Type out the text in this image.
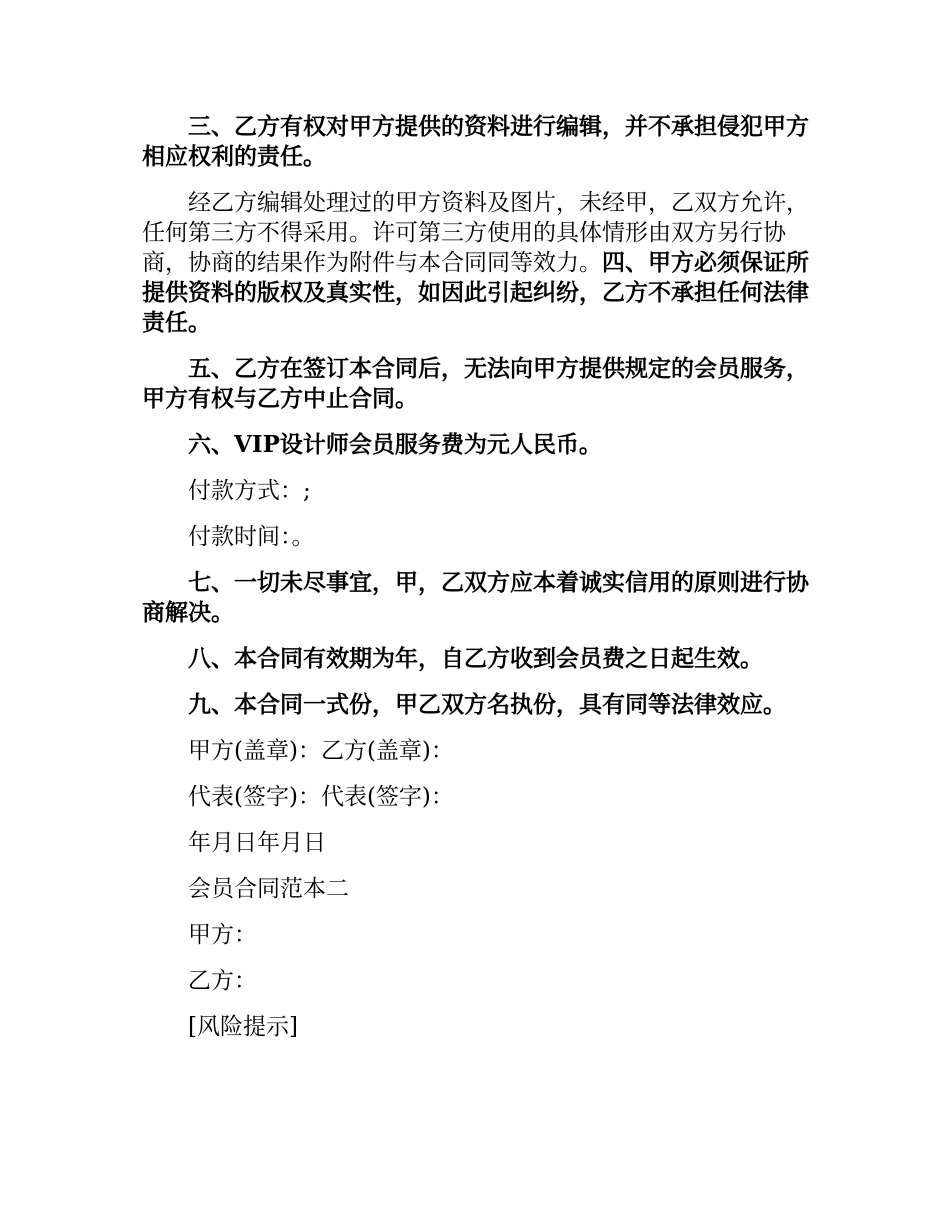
三、乙方有权对甲方提供的资料进行编辑，并不承担侵犯甲方相应权利的责任。

经乙方编辑处理过的甲方资料及图片，未经甲，乙双方允许，任何第三方不得采用。许可第三方使用的具体情形由双方另行协商，协商的结果作为附件与本合同同等效力。四、甲方必须保证所提供资料的版权及真实性，如因此引起纠纷，乙方不承担任何法律责任。

五、乙方在签订本合同后，无法向甲方提供规定的会员服务，甲方有权与乙方中止合同。

六、VIP设计师会员服务费为元人民币。

付款方式：;

付款时间：。

七、一切未尽事宜，甲，乙双方应本着诚实信用的原则进行协商解决。

八、本合同有效期为年，自乙方收到会员费之日起生效。

九、本合同一式份，甲乙双方名执份，具有同等法律效应。

甲方(盖章)：乙方(盖章)：

代表(签字)：代表(签字)：

年月日年月日

会员合同范本二

甲方：

乙方：

[风险提示]
